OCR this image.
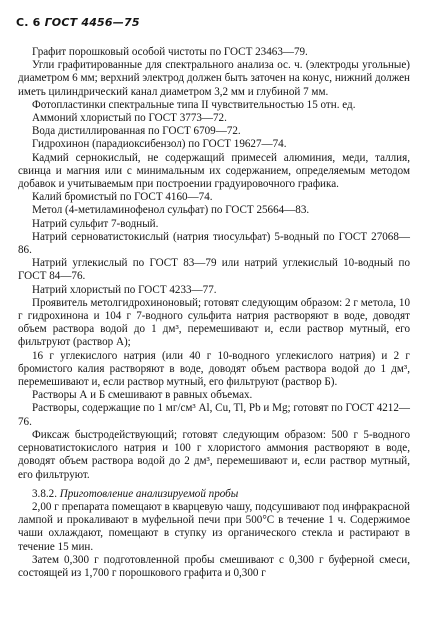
С. 6 ГОСТ 4456—75

Графит порошковый особой чистоты по ГОСТ 23463—79.

Угли графитированные для спектрального анализа ос. ч. (электроды угольные) диаметром 6 мм; верхний электрод должен быть заточен на конус, нижний должен иметь цилиндрический канал диаметром 3,2 мм и глубиной 7 мм.

Фотопластинки спектральные типа II чувствительностью 15 отн. ед.

Аммоний хлористый по ГОСТ 3773—72.

Вода дистиллированная по ГОСТ 6709—72.

Гидрохинон (парадиоксибензол) по ГОСТ 19627—74.

Кадмий сернокислый, не содержащий примесей алюминия, меди, таллия, свинца и магния или с минимальным их содержанием, определяемым методом добавок и учитываемым при построении градуировочного графика.

Калий бромистый по ГОСТ 4160—74.

Метол (4-метиламинофенол сульфат) по ГОСТ 25664—83.

Натрий сульфит 7-водный.

Натрий серноватистокислый (натрия тиосульфат) 5-водный по ГОСТ 27068—86.

Натрий углекислый по ГОСТ 83—79 или натрий углекислый 10-водный по ГОСТ 84—76.

Натрий хлористый по ГОСТ 4233—77.

Проявитель метолгидрохиноновый; готовят следующим образом: 2 г метола, 10 г гидрохинона и 104 г 7-водного сульфита натрия растворяют в воде, доводят объем раствора водой до 1 дм³, перемешивают и, если раствор мутный, его фильтруют (раствор А);

16 г углекислого натрия (или 40 г 10-водного углекислого натрия) и 2 г бромистого калия растворяют в воде, доводят объем раствора водой до 1 дм³, перемешивают и, если раствор мутный, его фильтруют (раствор Б).

Растворы А и Б смешивают в равных объемах.

Растворы, содержащие по 1 мг/см³ Al, Cu, Tl, Pb и Mg; готовят по ГОСТ 4212—76.

Фиксаж быстродействующий; готовят следующим образом: 500 г 5-водного серноватистокислого натрия и 100 г хлористого аммония растворяют в воде, доводят объем раствора водой до 2 дм³, перемешивают и, если раствор мутный, его фильтруют.

3.8.2. Приготовление анализируемой пробы

2,00 г препарата помещают в кварцевую чашу, подсушивают под инфракрасной лампой и прокаливают в муфельной печи при 500°С в течение 1 ч. Содержимое чаши охлаждают, помещают в ступку из органического стекла и растирают в течение 15 мин.

Затем 0,300 г подготовленной пробы смешивают с 0,300 г буферной смеси, состоящей из 1,700 г порошкового графита и 0,300 г
